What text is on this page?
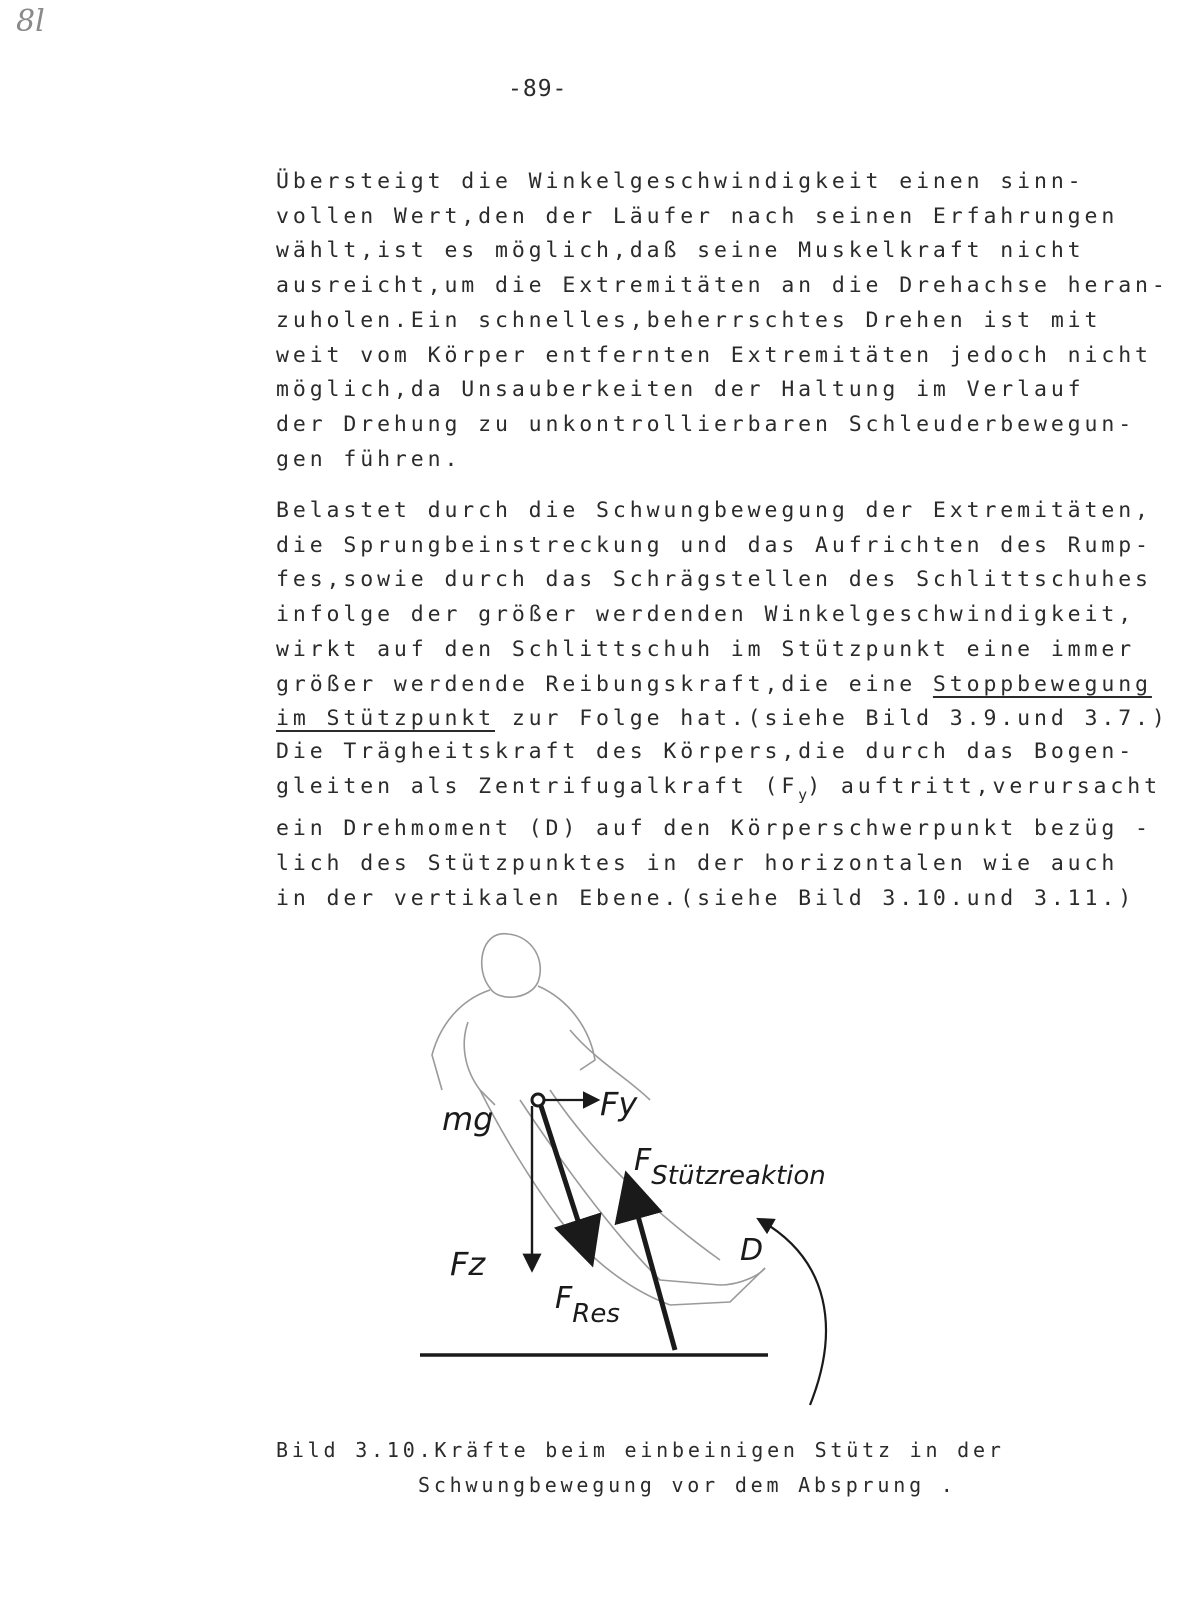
8l
-89-
Übersteigt die Winkelgeschwindigkeit einen sinn-
vollen Wert,den der Läufer nach seinen Erfahrungen
wählt,ist es möglich,daß seine Muskelkraft nicht
ausreicht,um die Extremitäten an die Drehachse heran-
zuholen.Ein schnelles,beherrschtes Drehen ist mit
weit vom Körper entfernten Extremitäten jedoch nicht
möglich,da Unsauberkeiten der Haltung im Verlauf
der Drehung zu unkontrollierbaren Schleuderbewegun-
gen führen.
Belastet durch die Schwungbewegung der Extremitäten,
die Sprungbeinstreckung und das Aufrichten des Rump-
fes,sowie durch das Schrägstellen des Schlittschuhes
infolge der größer werdenden Winkelgeschwindigkeit,
wirkt auf den Schlittschuh im Stützpunkt eine immer
größer werdende Reibungskraft,die eine Stoppbewegung
im Stützpunkt zur Folge hat.(siehe Bild 3.9.und 3.7.)
Die Trägheitskraft des Körpers,die durch das Bogen-
gleiten als Zentrifugalkraft $(F_y)$ auftritt,verursacht
ein Drehmoment (D) auf den Körperschwerpunkt bezüg -
lich des Stützpunktes in der horizontalen wie auch
in der vertikalen Ebene.(siehe Bild 3.10.und 3.11.)
mg	Fy
Fz
FRes
FStützreaktion
D
Bild 3.10.Kräfte beim einbeinigen Stütz in der
Schwungbewegung vor dem Absprung .
